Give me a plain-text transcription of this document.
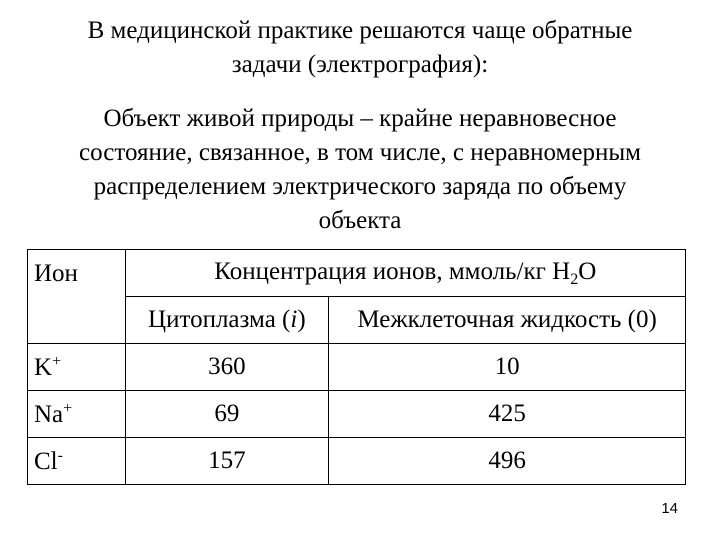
В медицинской практике решаются чаще обратные
задачи (электрография):
Объект живой природы – крайне неравновесное
состояние, связанное, в том числе, с неравномерным
распределением электрического заряда по объему
объекта
Ион	Концентрация ионов, ммоль/кг $H_2O$	
	Цитоплазма (i)	Межклеточная жидкость (0)
K+	360	10
Na+	69	425
Cl-	157	496
14
